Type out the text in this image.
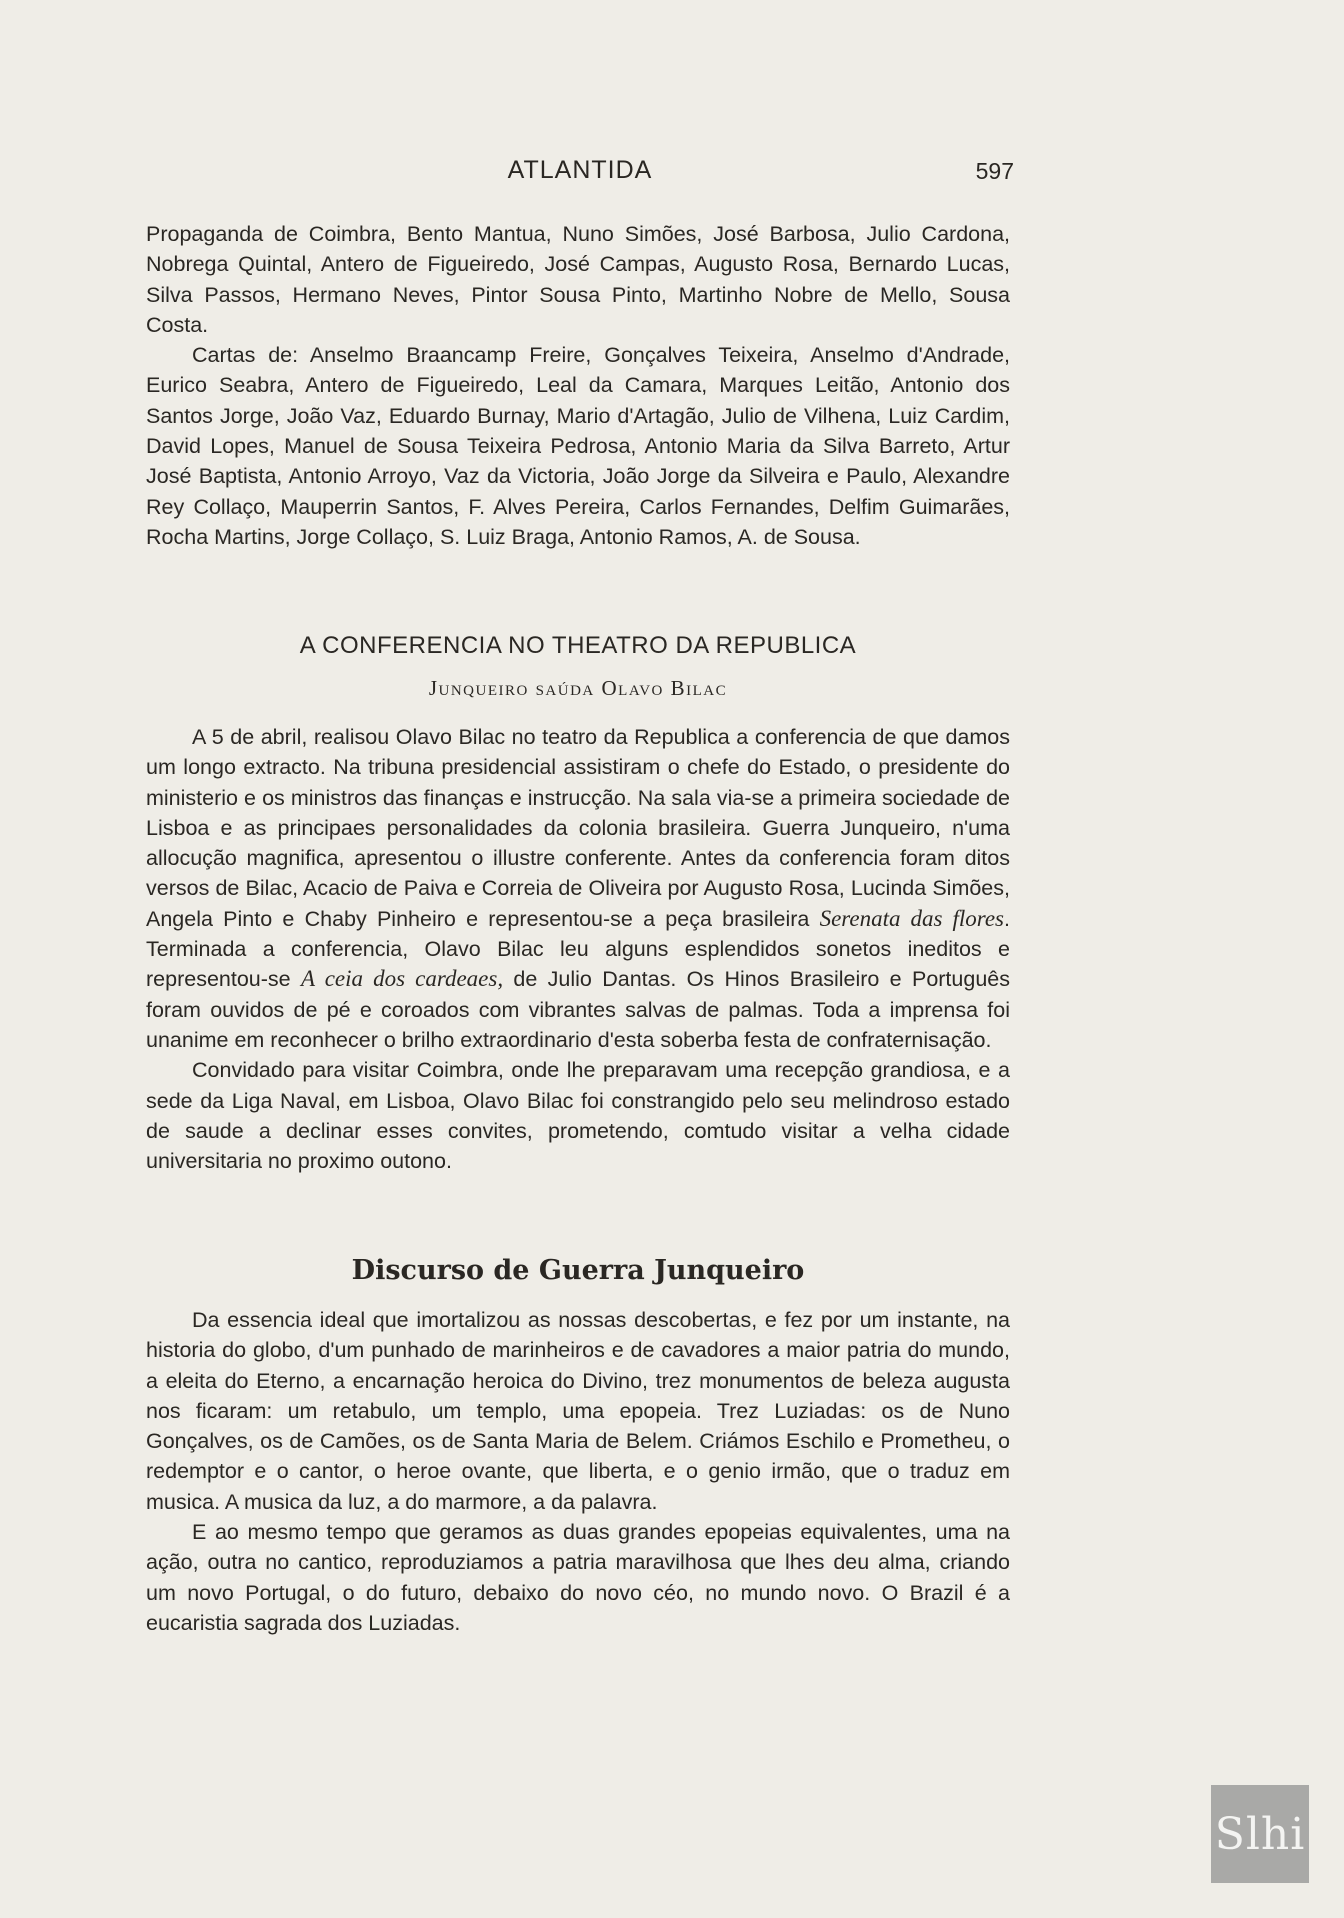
ATLANTIDA	597

Propaganda de Coimbra, Bento Mantua, Nuno Simões, José Barbosa, Julio Cardona, Nobrega Quintal, Antero de Figueiredo, José Campas, Augusto Rosa, Bernardo Lucas, Silva Passos, Hermano Neves, Pintor Sousa Pinto, Martinho Nobre de Mello, Sousa Costa.

Cartas de: Anselmo Braancamp Freire, Gonçalves Teixeira, Anselmo d'Andrade, Eurico Seabra, Antero de Figueiredo, Leal da Camara, Marques Leitão, Antonio dos Santos Jorge, João Vaz, Eduardo Burnay, Mario d'Artagão, Julio de Vilhena, Luiz Cardim, David Lopes, Manuel de Sousa Teixeira Pedrosa, Antonio Maria da Silva Barreto, Artur José Baptista, Antonio Arroyo, Vaz da Victoria, João Jorge da Silveira e Paulo, Alexandre Rey Collaço, Mauperrin Santos, F. Alves Pereira, Carlos Fernandes, Delfim Guimarães, Rocha Martins, Jorge Collaço, S. Luiz Braga, Antonio Ramos, A. de Sousa.

A CONFERENCIA NO THEATRO DA REPUBLICA
Junqueiro saúda Olavo Bilac

A 5 de abril, realisou Olavo Bilac no teatro da Republica a conferencia de que damos um longo extracto. Na tribuna presidencial assistiram o chefe do Estado, o presidente do ministerio e os ministros das finanças e instrucção. Na sala via-se a primeira sociedade de Lisboa e as principaes personalidades da colonia brasileira. Guerra Junqueiro, n'uma allocução magnifica, apresentou o illustre conferente. Antes da conferencia foram ditos versos de Bilac, Acacio de Paiva e Correia de Oliveira por Augusto Rosa, Lucinda Simões, Angela Pinto e Chaby Pinheiro e representou-se a peça brasileira Serenata das flores. Terminada a conferencia, Olavo Bilac leu alguns esplendidos sonetos ineditos e representou-se A ceia dos cardeaes, de Julio Dantas. Os Hinos Brasileiro e Português foram ouvidos de pé e coroados com vibrantes salvas de palmas. Toda a imprensa foi unanime em reconhecer o brilho extraordinario d'esta soberba festa de confraternisação.

Convidado para visitar Coimbra, onde lhe preparavam uma recepção grandiosa, e a sede da Liga Naval, em Lisboa, Olavo Bilac foi constrangido pelo seu melindroso estado de saude a declinar esses convites, prometendo, comtudo visitar a velha cidade universitaria no proximo outono.

Discurso de Guerra Junqueiro

Da essencia ideal que imortalizou as nossas descobertas, e fez por um instante, na historia do globo, d'um punhado de marinheiros e de cavadores a maior patria do mundo, a eleita do Eterno, a encarnação heroica do Divino, trez monumentos de beleza augusta nos ficaram: um retabulo, um templo, uma epopeia. Trez Luziadas: os de Nuno Gonçalves, os de Camões, os de Santa Maria de Belem. Criámos Eschilo e Prometheu, o redemptor e o cantor, o heroe ovante, que liberta, e o genio irmão, que o traduz em musica. A musica da luz, a do marmore, a da palavra.

E ao mesmo tempo que geramos as duas grandes epopeias equivalentes, uma na ação, outra no cantico, reproduziamos a patria maravilhosa que lhes deu alma, criando um novo Portugal, o do futuro, debaixo do novo céo, no mundo novo. O Brazil é a eucaristia sagrada dos Luziadas.

Slhi
